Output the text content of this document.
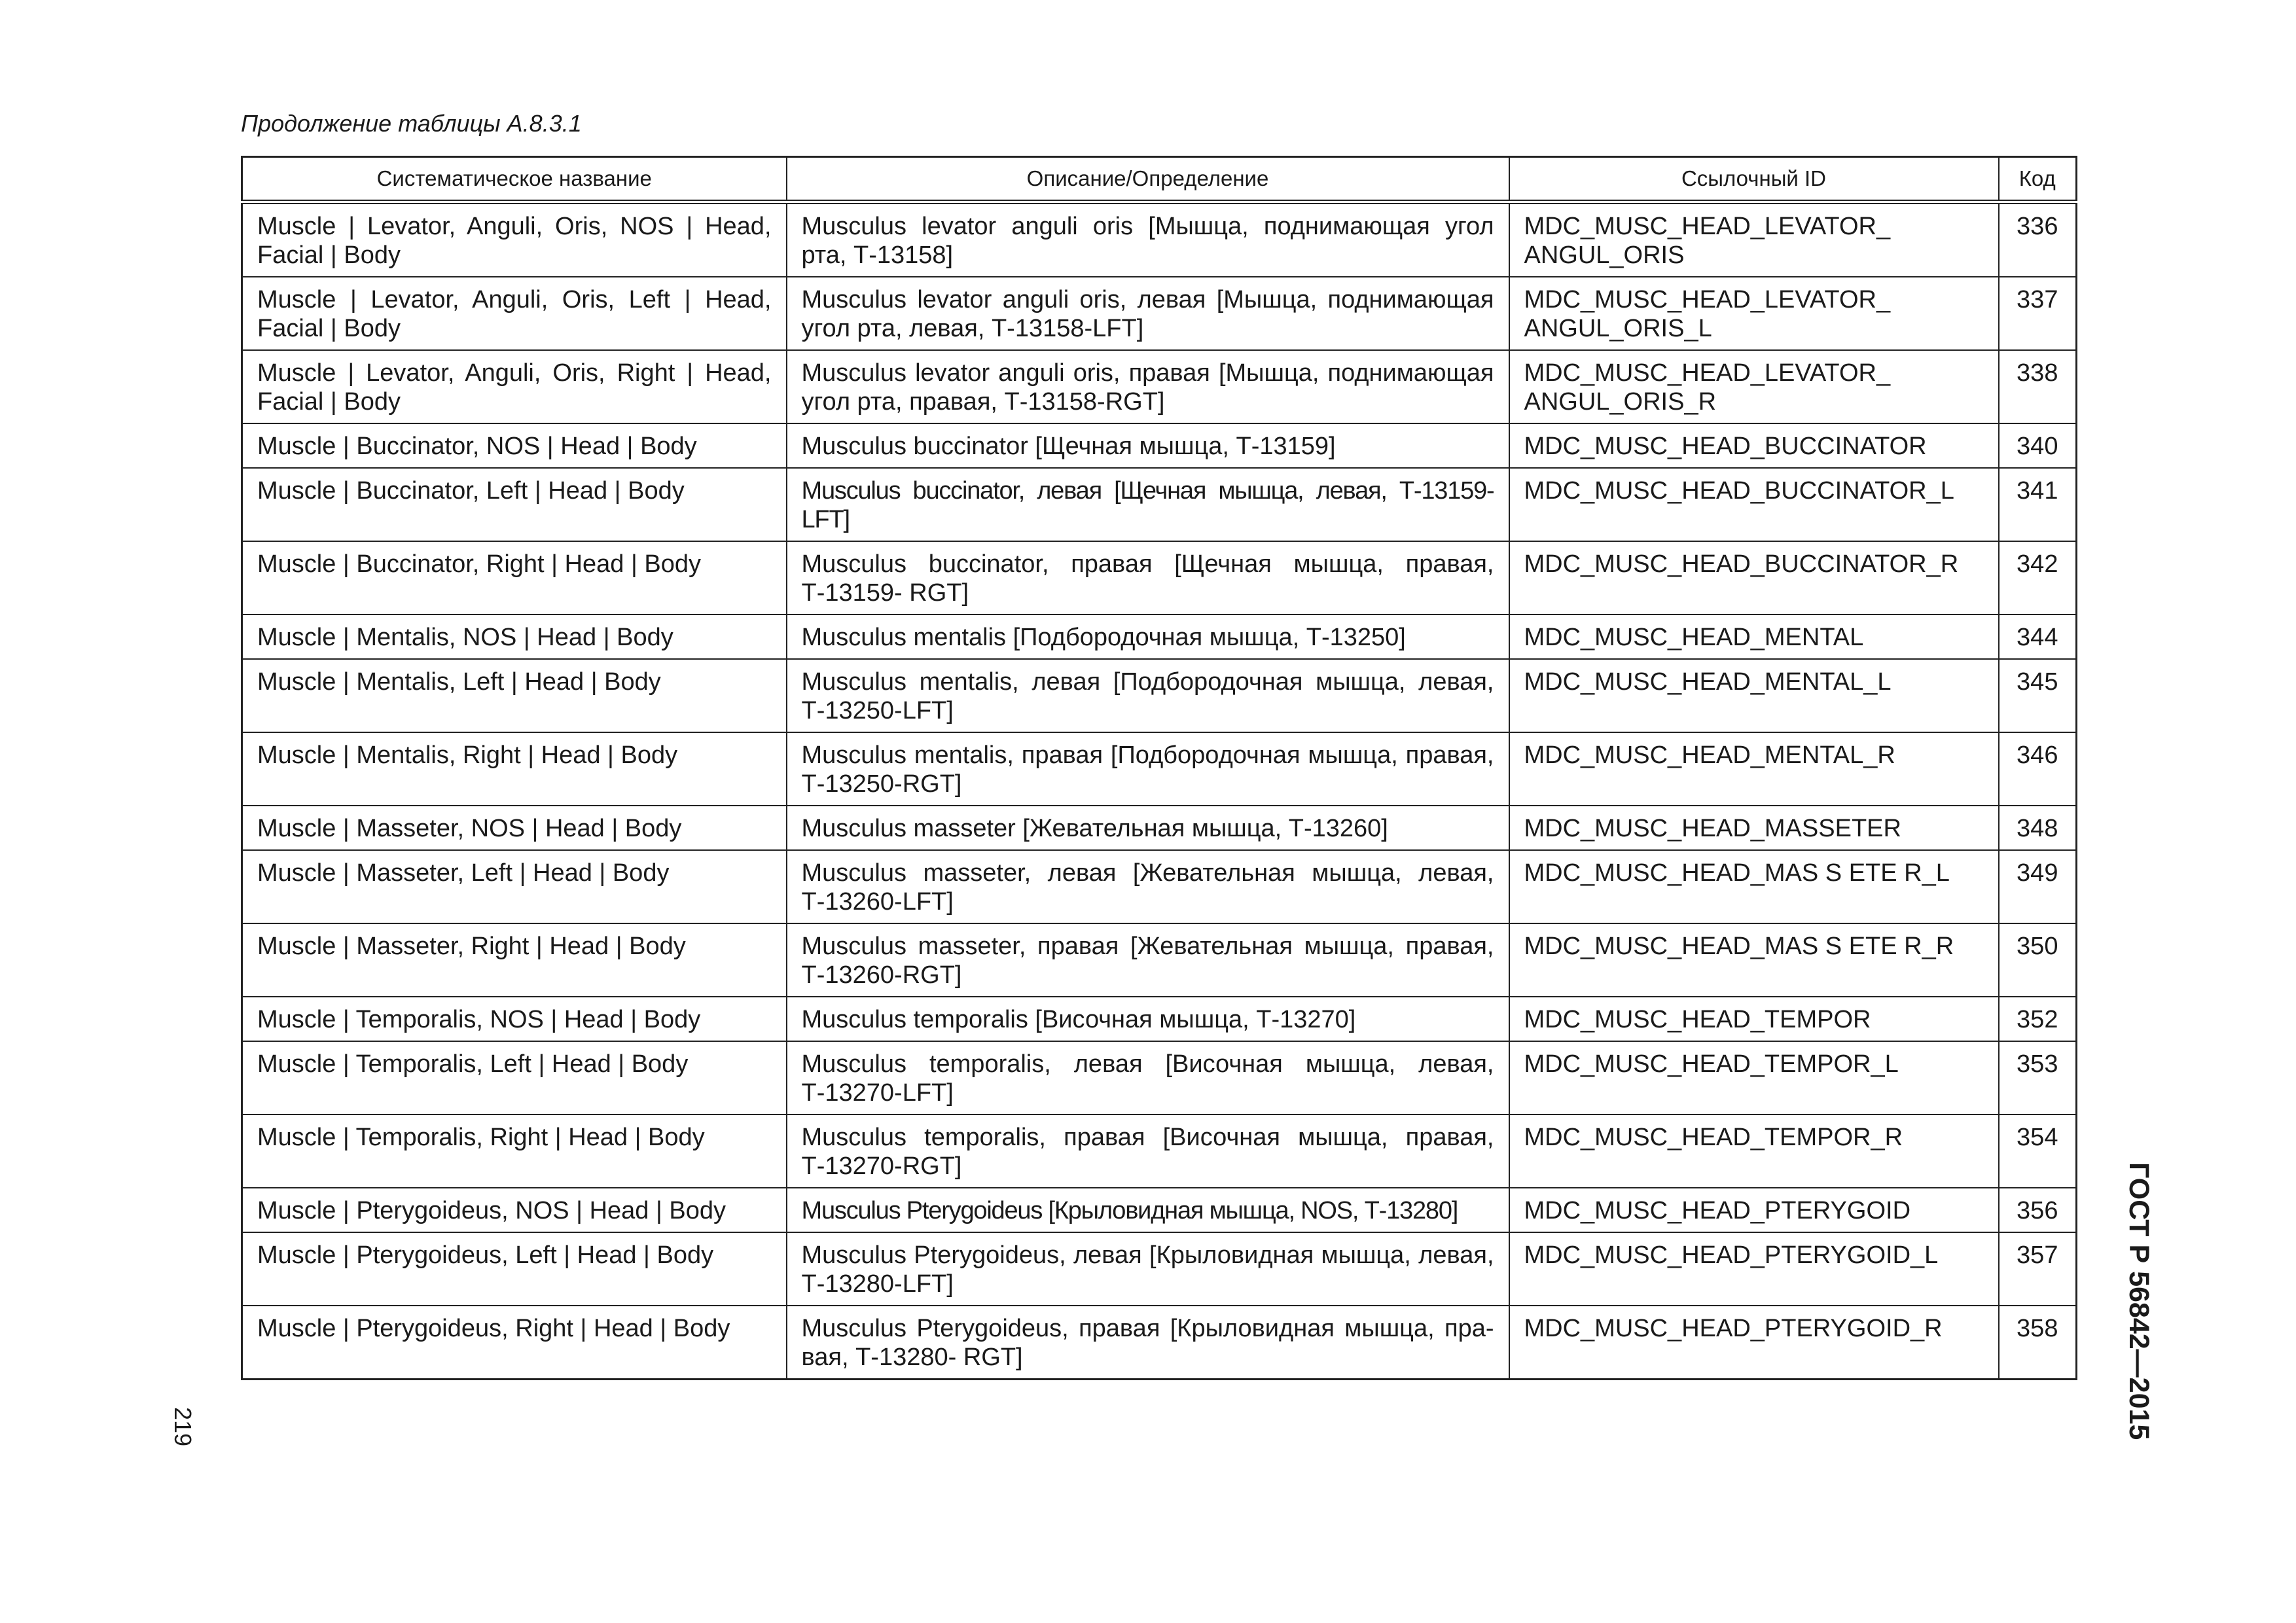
Продолжение таблицы А.8.3.1
Систематическое название	Описание/Определение	Ссылочный ID	Код
Muscle | Levator, Anguli, Oris, NOS | Head, Facial | Body	Musculus levator anguli oris [Мышца, поднимающая угол рта, Т-13158]	MDC_MUSC_HEAD_LEVATOR_ ANGUL_ORIS	336
Muscle | Levator, Anguli, Oris, Left | Head, Facial | Body	Musculus levator anguli oris, левая [Мышца, поднимающая угол рта, левая, Т-13158-LFT]	MDC_MUSC_HEAD_LEVATOR_ ANGUL_ORIS_L	337
Muscle | Levator, Anguli, Oris, Right | Head, Facial | Body	Musculus levator anguli oris, правая [Мышца, поднимающая угол рта, правая, Т-13158-RGT]	MDC_MUSC_HEAD_LEVATOR_ ANGUL_ORIS_R	338
Muscle | Buccinator, NOS | Head | Body	Musculus buccinator [Щечная мышца, Т-13159]	MDC_MUSC_HEAD_BUCCINATOR	340
Muscle | Buccinator, Left | Head | Body	Musculus buccinator, левая [Щечная мышца, левая, Т-13159-LFT]	MDC_MUSC_HEAD_BUCCINATOR_L	341
Muscle | Buccinator, Right | Head | Body	Musculus buccinator, правая [Щечная мышца, правая, Т-13159- RGT]	MDC_MUSC_HEAD_BUCCINATOR_R	342
Muscle | Mentalis, NOS | Head | Body	Musculus mentalis [Подбородочная мышца, Т-13250]	MDC_MUSC_HEAD_MENTAL	344
Muscle | Mentalis, Left | Head | Body	Musculus mentalis, левая [Подбородочная мышца, левая, Т-13250-LFT]	MDC_MUSC_HEAD_MENTAL_L	345
Muscle | Mentalis, Right | Head | Body	Musculus mentalis, правая [Подбородочная мышца, правая, Т-13250-RGT]	MDC_MUSC_HEAD_MENTAL_R	346
Muscle | Masseter, NOS | Head | Body	Musculus masseter [Жевательная мышца, Т-13260]	MDC_MUSC_HEAD_MASSETER	348
Muscle | Masseter, Left | Head | Body	Musculus masseter, левая [Жевательная мышца, левая, Т-13260-LFT]	MDC_MUSC_HEAD_MAS S ETE R_L	349
Muscle | Masseter, Right | Head | Body	Musculus masseter, правая [Жевательная мышца, правая, Т-13260-RGT]	MDC_MUSC_HEAD_MAS S ETE R_R	350
Muscle | Temporalis, NOS | Head | Body	Musculus temporalis [Височная мышца, Т-13270]	MDC_MUSC_HEAD_TEMPOR	352
Muscle | Temporalis, Left | Head | Body	Musculus temporalis, левая [Височная мышца, левая, Т-13270-LFT]	MDC_MUSC_HEAD_TEMPOR_L	353
Muscle | Temporalis, Right | Head | Body	Musculus temporalis, правая [Височная мышца, правая, Т-13270-RGT]	MDC_MUSC_HEAD_TEMPOR_R	354
Muscle | Pterygoideus, NOS | Head | Body	Musculus Pterygoideus [Крыловидная мышца, NOS, Т-13280]	MDC_MUSC_HEAD_PTERYGOID	356
Muscle | Pterygoideus, Left | Head | Body	Musculus Pterygoideus, левая [Крыловидная мышца, левая, Т-13280-LFT]	MDC_MUSC_HEAD_PTERYGOID_L	357
Muscle | Pterygoideus, Right | Head | Body	Musculus Pterygoideus, правая [Крыловидная мышца, пра-вая, Т-13280- RGT]	MDC_MUSC_HEAD_PTERYGOID_R	358
219	ГОСТ Р 56842—2015
